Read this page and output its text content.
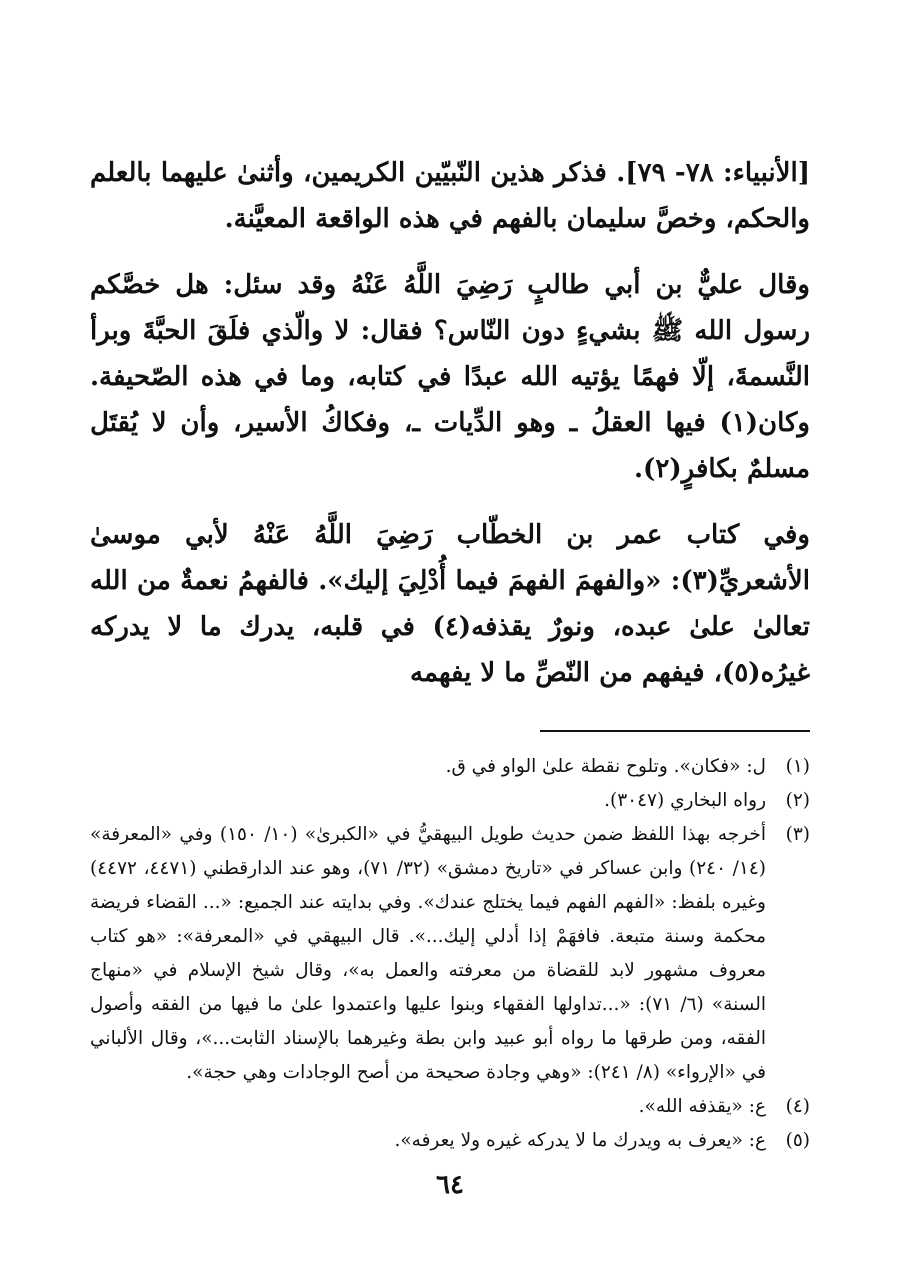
[الأنبياء: ٧٨- ٧٩]. فذكر هذين النّبيّين الكريمين، وأثنىٰ عليهما بالعلم والحكم، وخصَّ سليمان بالفهم في هذه الواقعة المعيَّنة.

وقال عليٌّ بن أبي طالبٍ رَضِيَ اللَّهُ عَنْهُ وقد سئل: هل خصَّكم رسول الله ﷺ بشيءٍ دون النّاس؟ فقال: لا والّذي فلَقَ الحبَّةَ وبرأ النَّسمةَ، إلّا فهمًا يؤتيه الله عبدًا في كتابه، وما في هذه الصّحيفة. وكان(١) فيها العقلُ ـ وهو الدِّيات ـ، وفكاكُ الأسير، وأن لا يُقتَل مسلمٌ بكافرٍ(٢).

وفي كتاب عمر بن الخطّاب رَضِيَ اللَّهُ عَنْهُ لأبي موسىٰ الأشعريِّ(٣): «والفهمَ الفهمَ فيما أُدْلِيَ إليك». فالفهمُ نعمةٌ من الله تعالىٰ علىٰ عبده، ونورٌ يقذفه(٤) في قلبه، يدرك ما لا يدركه غيرُه(٥)، فيفهم من النّصِّ ما لا يفهمه

(١)
ل: «فكان». وتلوح نقطة علىٰ الواو في ق.
(٢)
رواه البخاري (٣٠٤٧).
(٣)
أخرجه بهذا اللفظ ضمن حديث طويل البيهقيُّ في «الكبرىٰ» (١٠/ ١٥٠) وفي «المعرفة» (١٤/ ٢٤٠) وابن عساكر في «تاريخ دمشق» (٣٢/ ٧١)، وهو عند الدارقطني (٤٤٧١، ٤٤٧٢) وغيره بلفظ: «الفهم الفهم فيما يختلج عندك». وفي بدايته عند الجميع: «... القضاء فريضة محكمة وسنة متبعة. فافهَمْ إذا أدلي إليك...». قال البيهقي في «المعرفة»: «هو كتاب معروف مشهور لابد للقضاة من معرفته والعمل به»، وقال شيخ الإسلام في «منهاج السنة» (٦/ ٧١): «...تداولها الفقهاء وبنوا عليها واعتمدوا علىٰ ما فيها من الفقه وأصول الفقه، ومن طرقها ما رواه أبو عبيد وابن بطة وغيرهما بالإسناد الثابت...»، وقال الألباني في «الإرواء» (٨/ ٢٤١): «وهي وجادة صحيحة من أصح الوجادات وهي حجة».
(٤)
ع: «يقذفه الله».
(٥)
ع: «يعرف به ويدرك ما لا يدركه غيره ولا يعرفه».
٦٤
